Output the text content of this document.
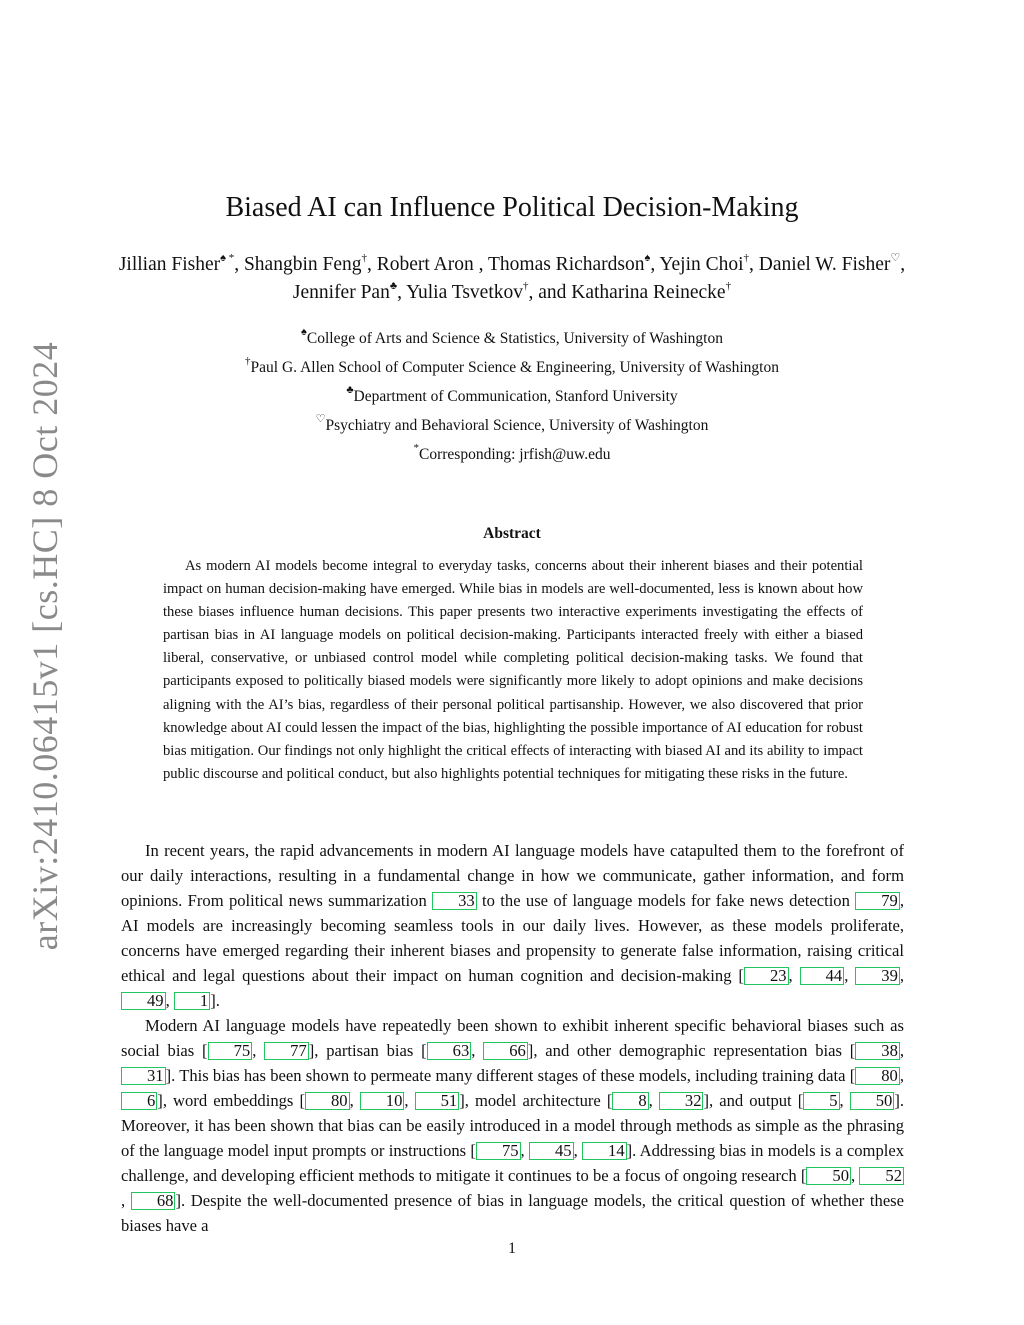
arXiv:2410.06415v1 [cs.HC] 8 Oct 2024
Biased AI can Influence Political Decision-Making
Jillian Fisher♠ *, Shangbin Feng†, Robert Aron , Thomas Richardson♠, Yejin Choi†, Daniel W. Fisher♡, Jennifer Pan♣, Yulia Tsvetkov†, and Katharina Reinecke†
♠College of Arts and Science & Statistics, University of Washington
†Paul G. Allen School of Computer Science & Engineering, University of Washington
♣Department of Communication, Stanford University
♡Psychiatry and Behavioral Science, University of Washington
*Corresponding: jrfish@uw.edu
Abstract

As modern AI models become integral to everyday tasks, concerns about their inherent biases and their potential impact on human decision-making have emerged. While bias in models are well-documented, less is known about how these biases influence human decisions. This paper presents two interactive experiments investigating the effects of partisan bias in AI language models on political decision-making. Participants interacted freely with either a biased liberal, conservative, or unbiased control model while completing political decision-making tasks. We found that participants exposed to politically biased models were significantly more likely to adopt opinions and make decisions aligning with the AI’s bias, regardless of their personal political partisanship. However, we also discovered that prior knowledge about AI could lessen the impact of the bias, highlighting the possible importance of AI education for robust bias mitigation. Our findings not only highlight the critical effects of interacting with biased AI and its ability to impact public discourse and political conduct, but also highlights potential techniques for mitigating these risks in the future.

In recent years, the rapid advancements in modern AI language models have catapulted them to the forefront of our daily interactions, resulting in a fundamental change in how we communicate, gather information, and form opinions. From political news summarization 33 to the use of language models for fake news detection 79 , AI models are increasingly becoming seamless tools in our daily lives. However, as these models proliferate, concerns have emerged regarding their inherent biases and propensity to generate false information, raising critical ethical and legal questions about their impact on human cognition and decision-making [ 23 , 44 , 39 , 49 , 1 ].

Modern AI language models have repeatedly been shown to exhibit inherent specific behavioral biases such as social bias [ 75 , 77 ], partisan bias [ 63 , 66 ], and other demographic representation bias [ 38 , 31 ]. This bias has been shown to permeate many different stages of these models, including training data [ 80 , 6 ], word embeddings [ 80 , 10 , 51 ], model architecture [ 8 , 32 ], and output [ 5 , 50 ]. Moreover, it has been shown that bias can be easily introduced in a model through methods as simple as the phrasing of the language model input prompts or instructions [ 75 , 45 , 14 ]. Addressing bias in models is a complex challenge, and developing efficient methods to mitigate it continues to be a focus of ongoing research [ 50 , 52, 68 ]. Despite the well-documented presence of bias in language models, the critical question of whether these biases have a

1
